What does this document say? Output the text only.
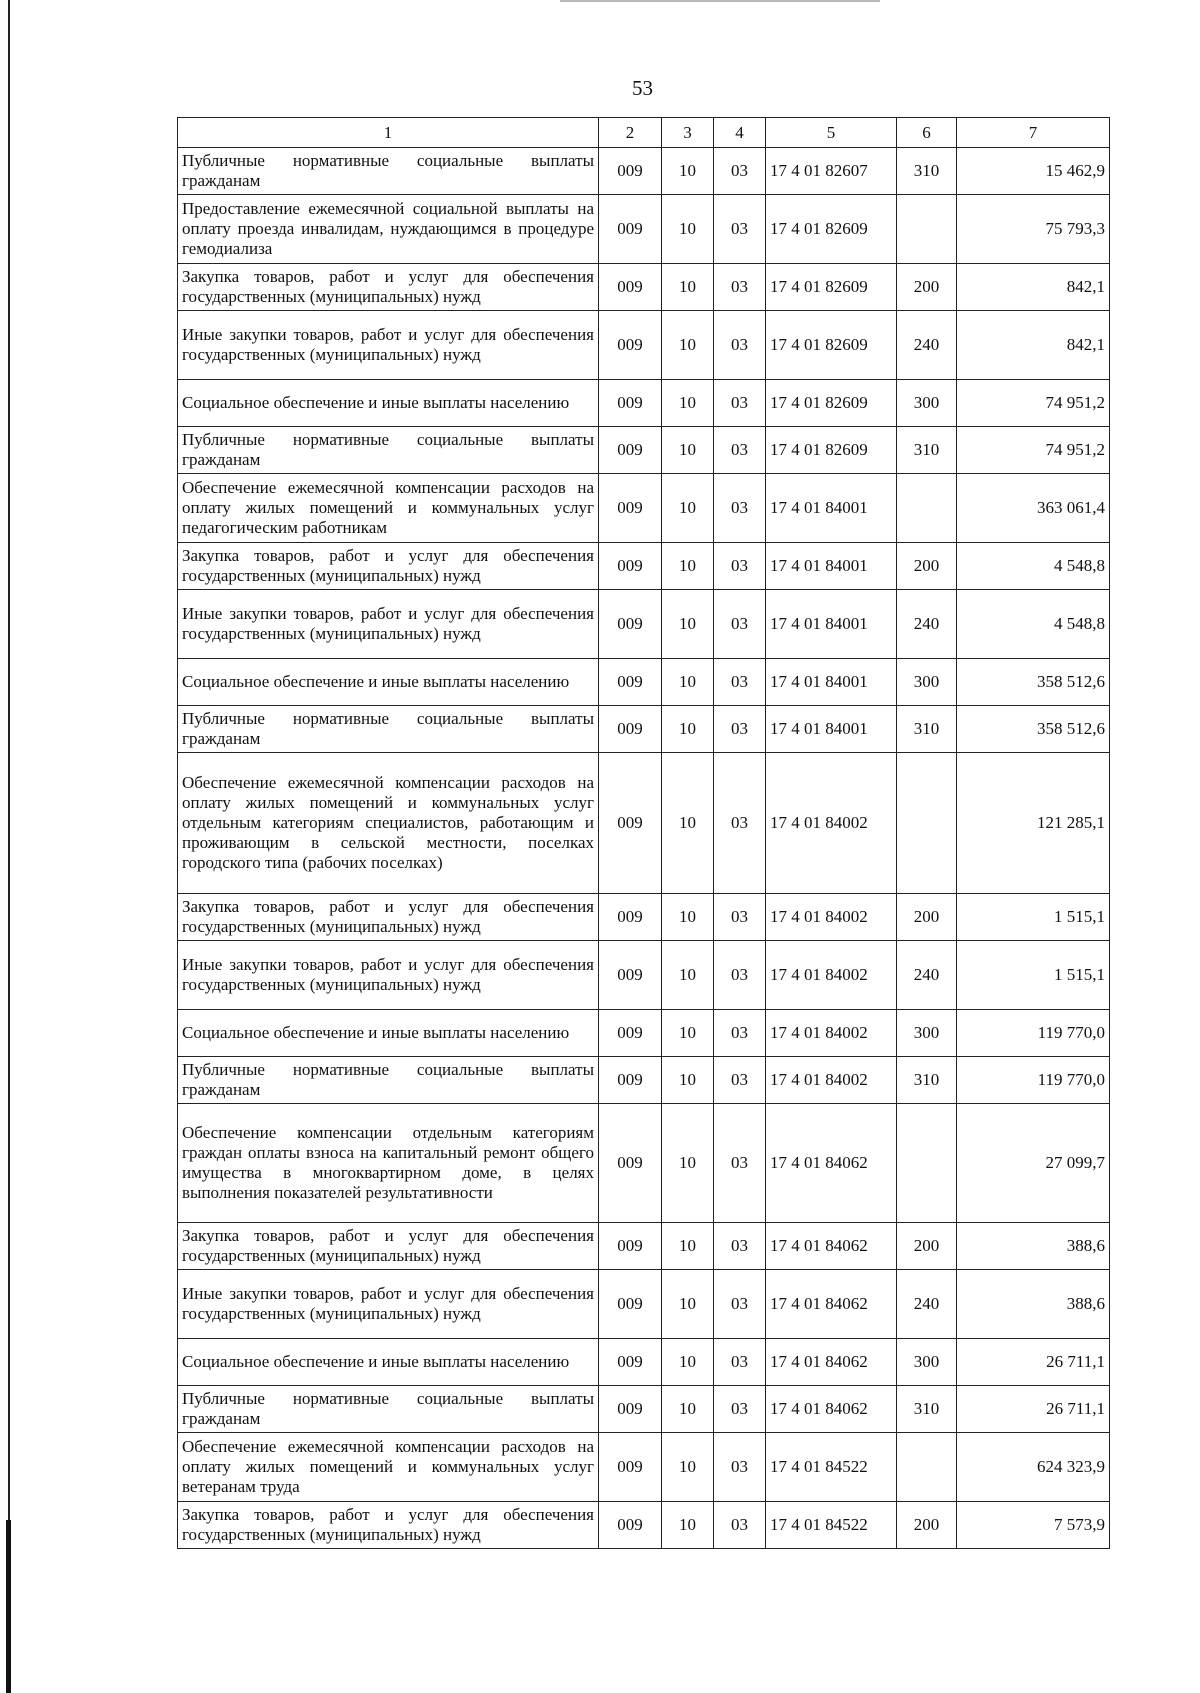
53
1	2	3	4	5	6	7
Публичные нормативные социальные выплаты гражданам	009	10	03	17 4 01 82607	310	15 462,9
Предоставление ежемесячной социальной выплаты на оплату проезда инвалидам, нуждающимся в процедуре гемодиализа	009	10	03	17 4 01 82609		75 793,3
Закупка товаров, работ и услуг для обеспечения государственных (муниципальных) нужд	009	10	03	17 4 01 82609	200	842,1
Иные закупки товаров, работ и услуг для обеспечения государственных (муниципальных) нужд	009	10	03	17 4 01 82609	240	842,1
Социальное обеспечение и иные выплаты населению	009	10	03	17 4 01 82609	300	74 951,2
Публичные нормативные социальные выплаты гражданам	009	10	03	17 4 01 82609	310	74 951,2
Обеспечение ежемесячной компенсации расходов на оплату жилых помещений и коммунальных услуг педагогическим работникам	009	10	03	17 4 01 84001		363 061,4
Закупка товаров, работ и услуг для обеспечения государственных (муниципальных) нужд	009	10	03	17 4 01 84001	200	4 548,8
Иные закупки товаров, работ и услуг для обеспечения государственных (муниципальных) нужд	009	10	03	17 4 01 84001	240	4 548,8
Социальное обеспечение и иные выплаты населению	009	10	03	17 4 01 84001	300	358 512,6
Публичные нормативные социальные выплаты гражданам	009	10	03	17 4 01 84001	310	358 512,6
Обеспечение ежемесячной компенсации расходов на оплату жилых помещений и коммунальных услуг отдельным категориям специалистов, работающим и проживающим в сельской местности, поселках городского типа (рабочих поселках)	009	10	03	17 4 01 84002		121 285,1
Закупка товаров, работ и услуг для обеспечения государственных (муниципальных) нужд	009	10	03	17 4 01 84002	200	1 515,1
Иные закупки товаров, работ и услуг для обеспечения государственных (муниципальных) нужд	009	10	03	17 4 01 84002	240	1 515,1
Социальное обеспечение и иные выплаты населению	009	10	03	17 4 01 84002	300	119 770,0
Публичные нормативные социальные выплаты гражданам	009	10	03	17 4 01 84002	310	119 770,0
Обеспечение компенсации отдельным категориям граждан оплаты взноса на капитальный ремонт общего имущества в многоквартирном доме, в целях выполнения показателей результативности	009	10	03	17 4 01 84062		27 099,7
Закупка товаров, работ и услуг для обеспечения государственных (муниципальных) нужд	009	10	03	17 4 01 84062	200	388,6
Иные закупки товаров, работ и услуг для обеспечения государственных (муниципальных) нужд	009	10	03	17 4 01 84062	240	388,6
Социальное обеспечение и иные выплаты населению	009	10	03	17 4 01 84062	300	26 711,1
Публичные нормативные социальные выплаты гражданам	009	10	03	17 4 01 84062	310	26 711,1
Обеспечение ежемесячной компенсации расходов на оплату жилых помещений и коммунальных услуг ветеранам труда	009	10	03	17 4 01 84522		624 323,9
Закупка товаров, работ и услуг для обеспечения государственных (муниципальных) нужд	009	10	03	17 4 01 84522	200	7 573,9
